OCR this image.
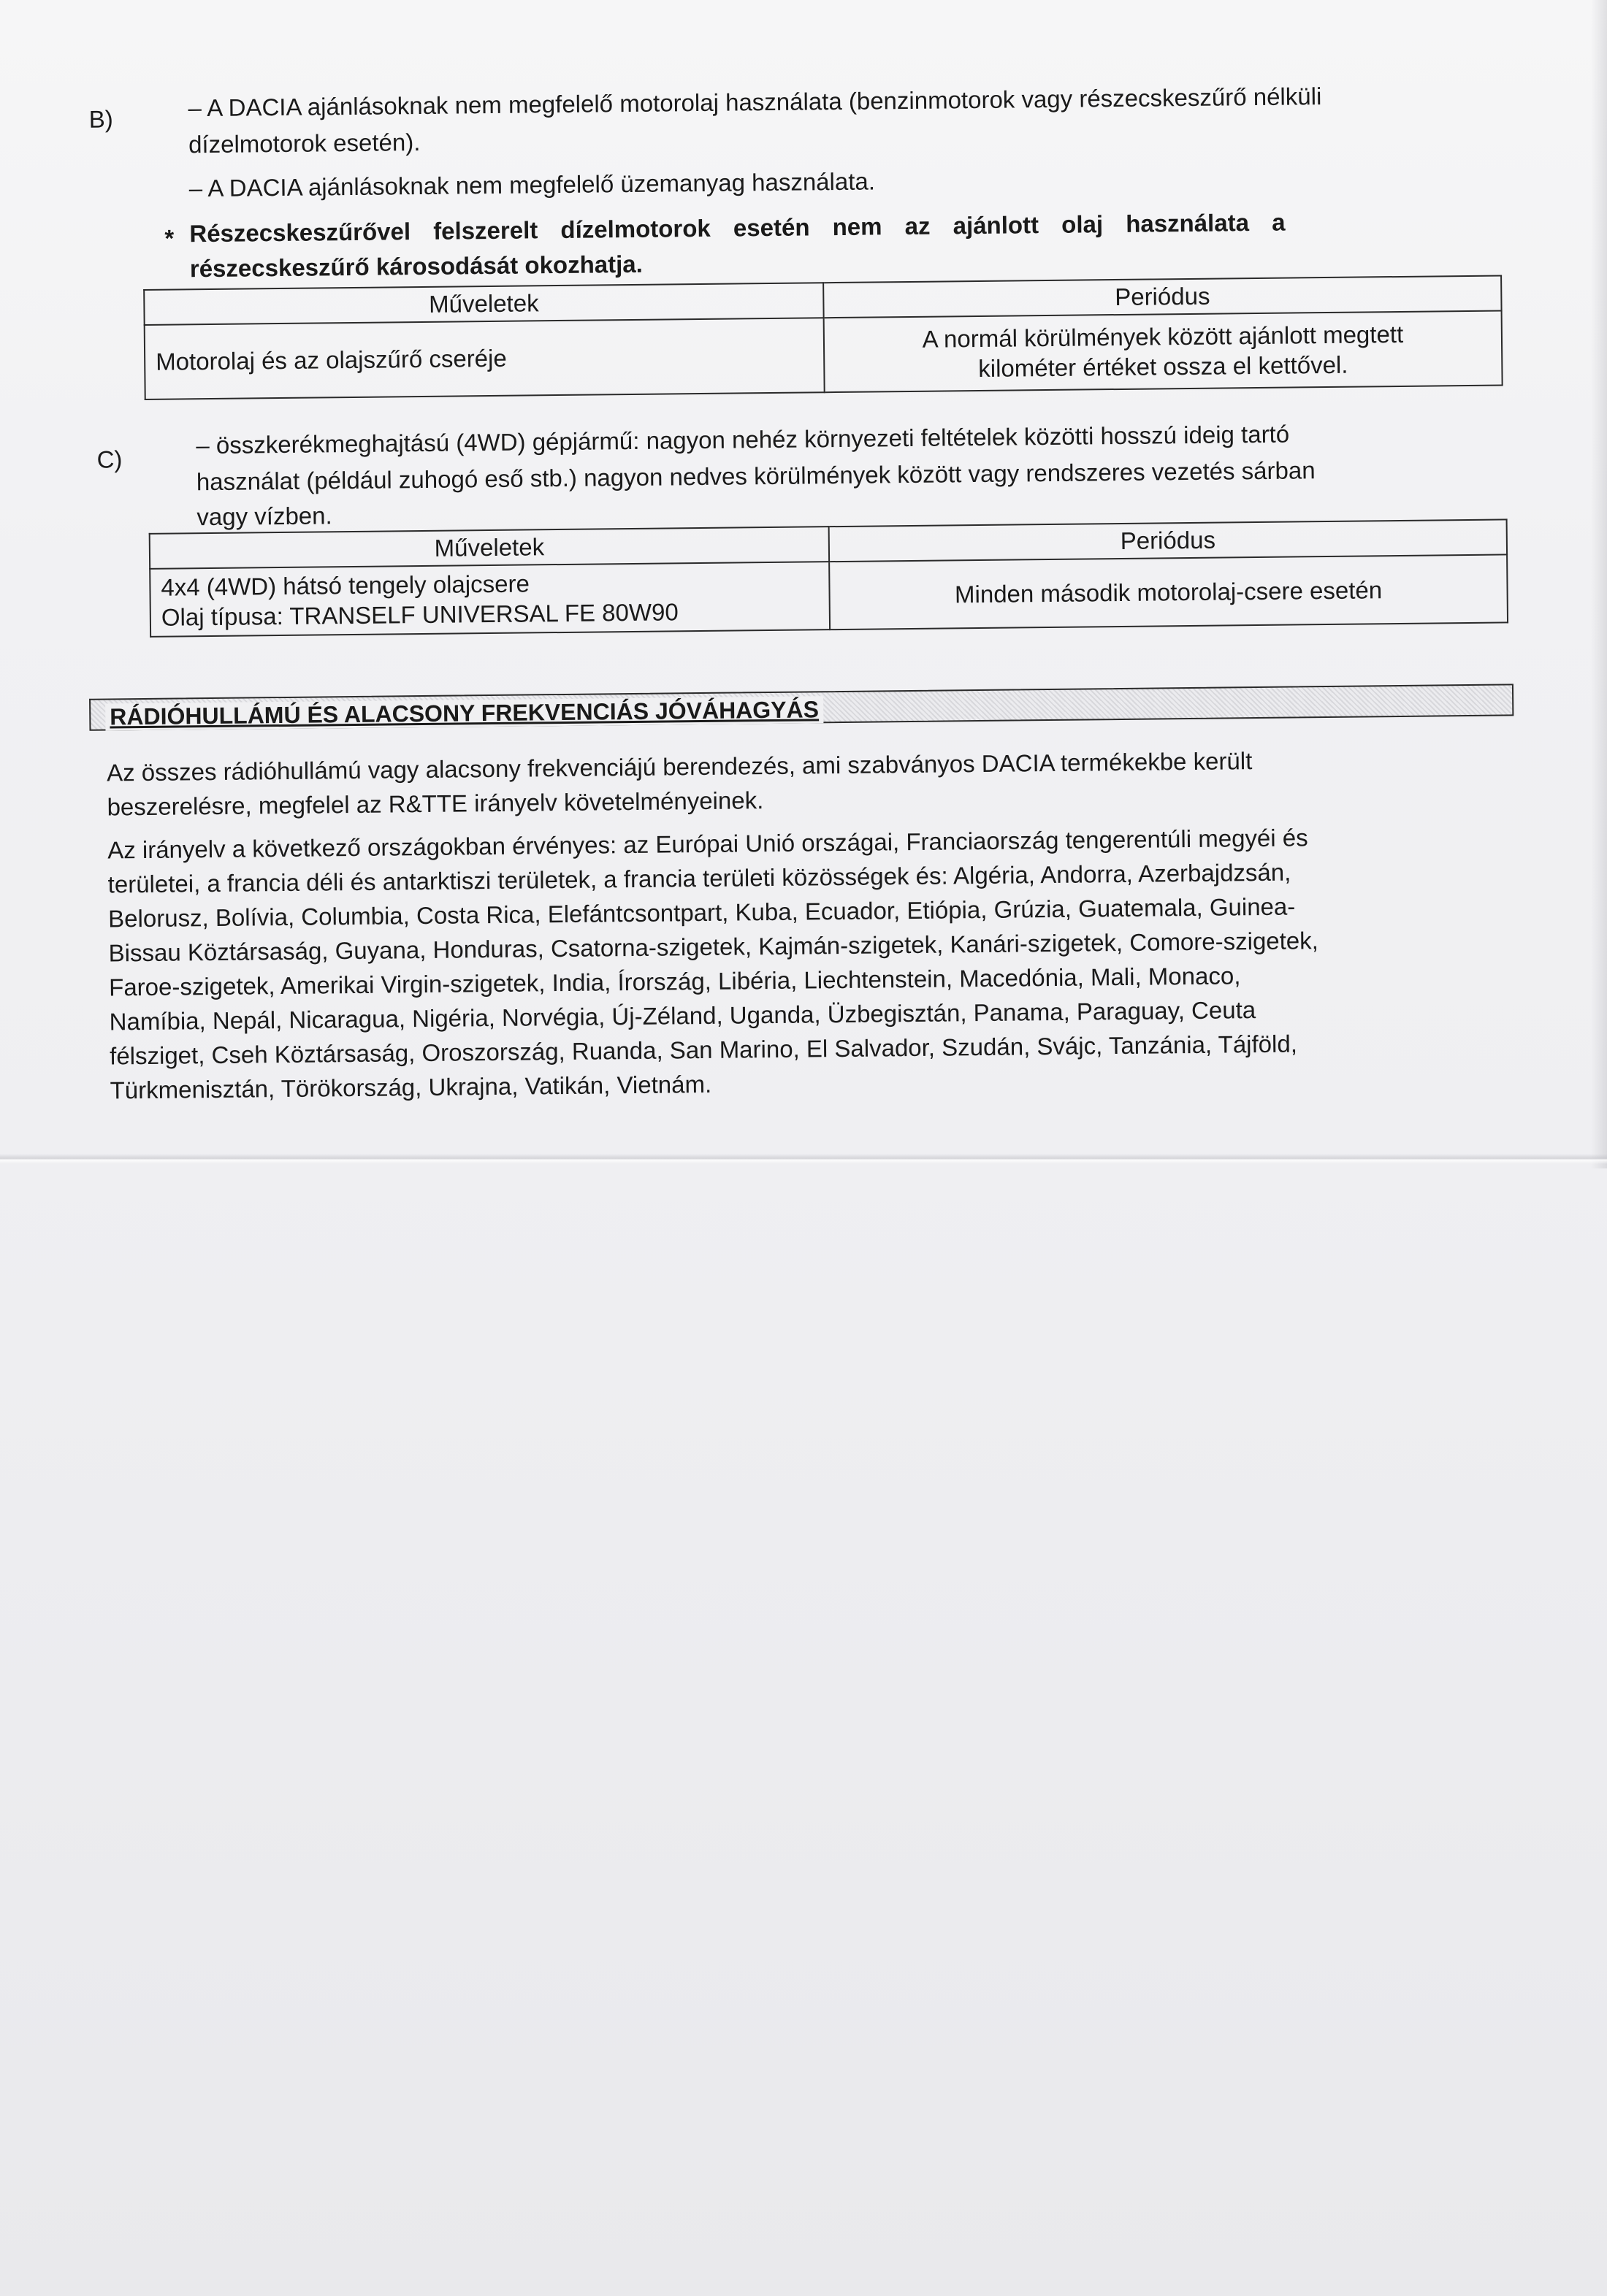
B)	– A DACIA ajánlásoknak nem megfelelő motorolaj használata (benzinmotorok vagy részecskeszűrő nélküli
dízelmotorok esetén).
– A DACIA ajánlásoknak nem megfelelő üzemanyag használata.
* Részecskeszűrővel felszerelt dízelmotorok esetén nem az ajánlott olaj használata a
részecskeszűrő károsodását okozhatja.
Műveletek	Periódus
Motorolaj és az olajszűrő cseréje	A normál körülmények között ajánlott megtett
kilométer értéket ossza el kettővel.
C)
– összkerékmeghajtású (4WD) gépjármű: nagyon nehéz környezeti feltételek közötti hosszú ideig tartó
használat (például zuhogó eső stb.) nagyon nedves körülmények között vagy rendszeres vezetés sárban
vagy vízben.
Műveletek	Periódus

4x4 (4WD) hátsó tengely olajcsere
Olaj típusa: TRANSELF UNIVERSAL FE 80W90	Minden második motorolaj-csere esetén
RÁDIÓHULLÁMÚ ÉS ALACSONY FREKVENCIÁS JÓVÁHAGYÁS
Az összes rádióhullámú vagy alacsony frekvenciájú berendezés, ami szabványos DACIA termékekbe került
beszerelésre, megfelel az R&TTE irányelv követelményeinek.
Az irányelv a következő országokban érvényes: az Európai Unió országai, Franciaország tengerentúli megyéi és
területei, a francia déli és antarktiszi területek, a francia területi közösségek és: Algéria, Andorra, Azerbajdzsán,
Belorusz, Bolívia, Columbia, Costa Rica, Elefántcsontpart, Kuba, Ecuador, Etiópia, Grúzia, Guatemala, Guinea-
Bissau Köztársaság, Guyana, Honduras, Csatorna-szigetek, Kajmán-szigetek, Kanári-szigetek, Comore-szigetek,
Faroe-szigetek, Amerikai Virgin-szigetek, India, Írország, Libéria, Liechtenstein, Macedónia, Mali, Monaco,
Namíbia, Nepál, Nicaragua, Nigéria, Norvégia, Új-Zéland, Uganda, Üzbegisztán, Panama, Paraguay, Ceuta
félsziget, Cseh Köztársaság, Oroszország, Ruanda, San Marino, El Salvador, Szudán, Svájc, Tanzánia, Tájföld,
Türkmenisztán, Törökország, Ukrajna, Vatikán, Vietnám.
